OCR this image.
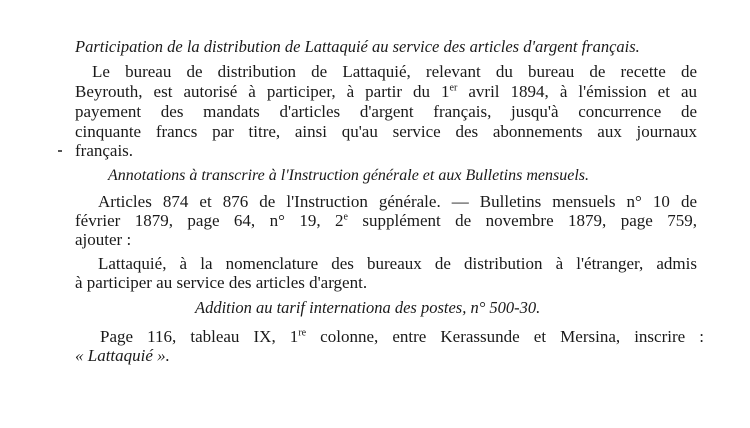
Participation de la distribution de Lattaquié au service des articles d'argent français.
Le bureau de distribution de Lattaquié, relevant du bureau de recette de
Beyrouth, est autorisé à participer, à partir du 1er avril 1894, à l'émission et au
payement des mandats d'articles d'argent français, jusqu'à concurrence de
cinquante francs par titre, ainsi qu'au service des abonnements aux journaux
français.
Annotations à transcrire à l'Instruction générale et aux Bulletins mensuels.
Articles 874 et 876 de l'Instruction générale. — Bulletins mensuels n° 10 de
février 1879, page 64, n° 19, 2e supplément de novembre 1879, page 759,
ajouter :
Lattaquié, à la nomenclature des bureaux de distribution à l'étranger, admis
à participer au service des articles d'argent.
Addition au tarif internationa des postes, n° 500-30.
Page 116, tableau IX, 1re colonne, entre Kerassunde et Mersina, inscrire :
« Lattaquié ».
